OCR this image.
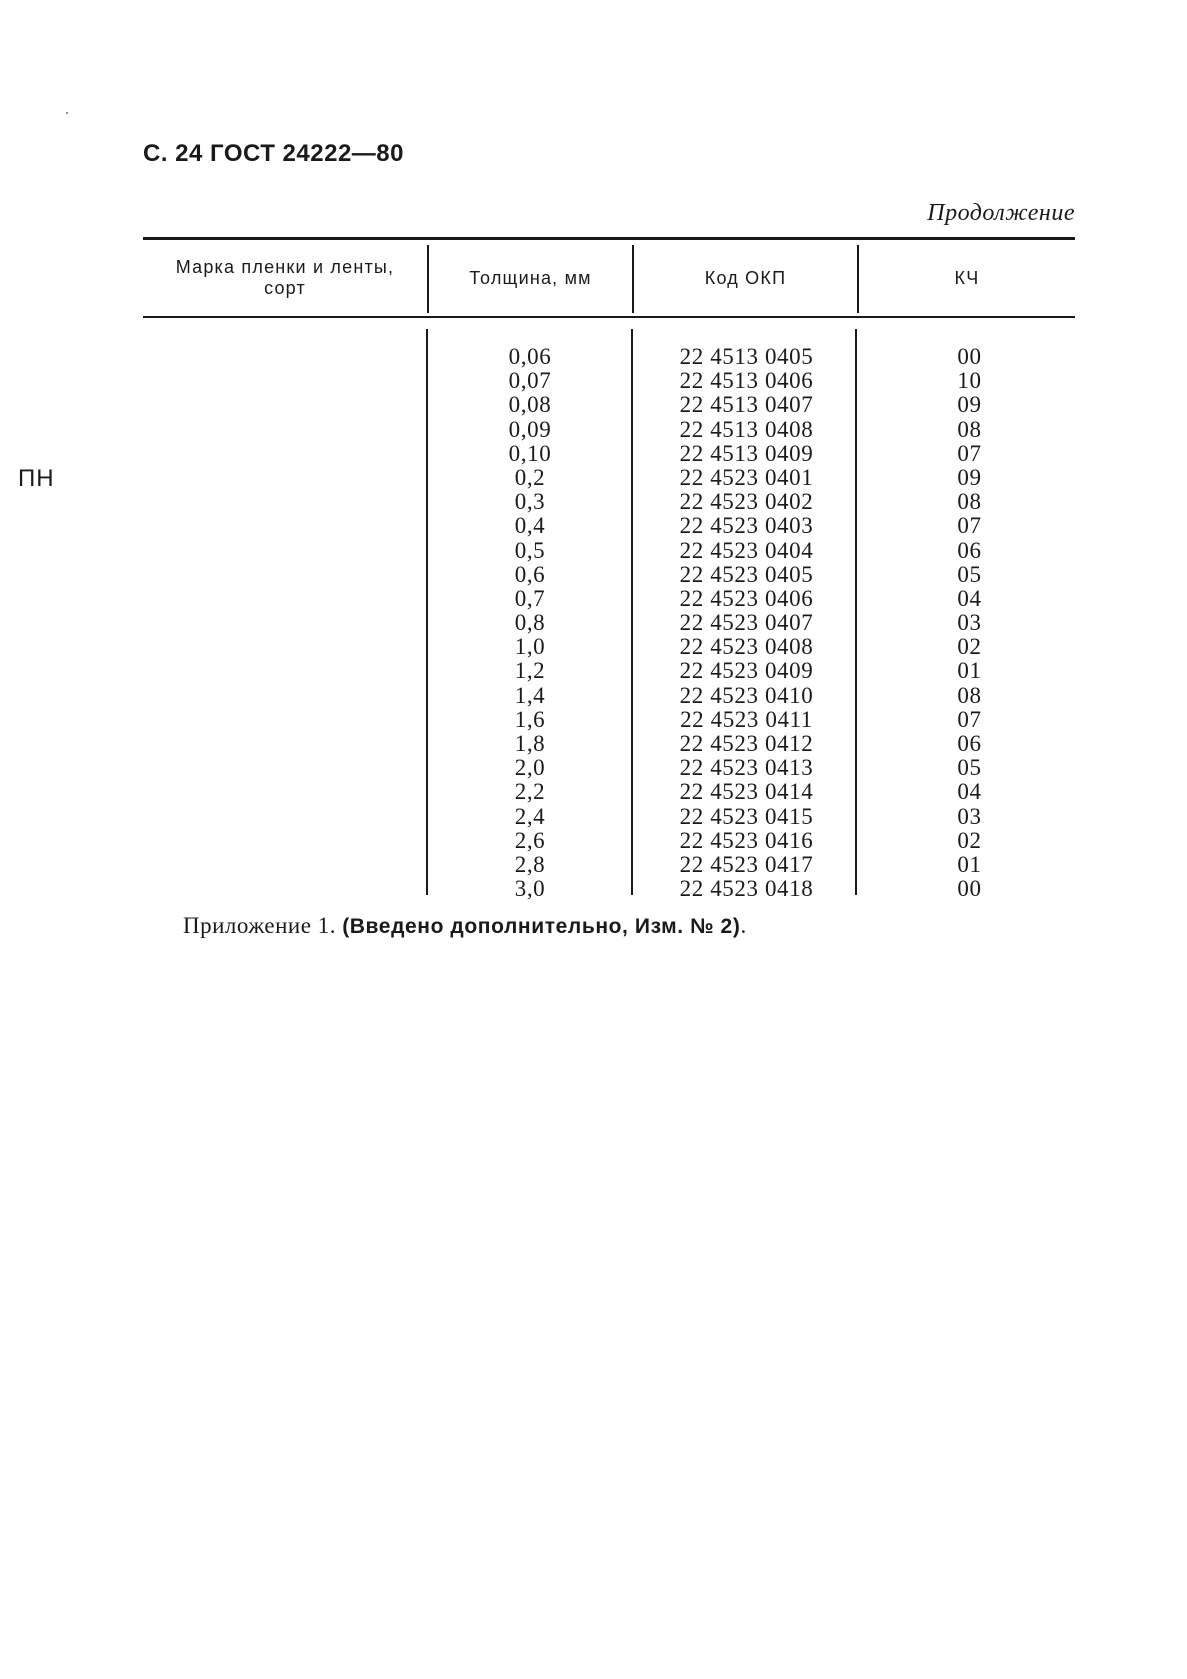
С. 24 ГОСТ 24222—80
Продолжение
Марка пленки и ленты,
сорт
Толщина, мм	Код ОКП	КЧ
0,06
0,07
0,08
0,09
0,10
0,2
0,3
0,4
0,5
0,6
0,7
0,8
1,0
1,2
1,4
1,6
1,8
2,0
2,2
2,4
2,6
2,8
3,0
22 4513 0405
22 4513 0406
22 4513 0407
22 4513 0408
22 4513 0409
22 4523 0401
22 4523 0402
22 4523 0403
22 4523 0404
22 4523 0405
22 4523 0406
22 4523 0407
22 4523 0408
22 4523 0409
22 4523 0410
22 4523 0411
22 4523 0412
22 4523 0413
22 4523 0414
22 4523 0415
22 4523 0416
22 4523 0417
22 4523 0418
00
10
09
08
07
09
08
07
06
05
04
03
02
01
08
07
06
05
04
03
02
01
00
ПН
Приложение 1. (Введено дополнительно, Изм. № 2).
